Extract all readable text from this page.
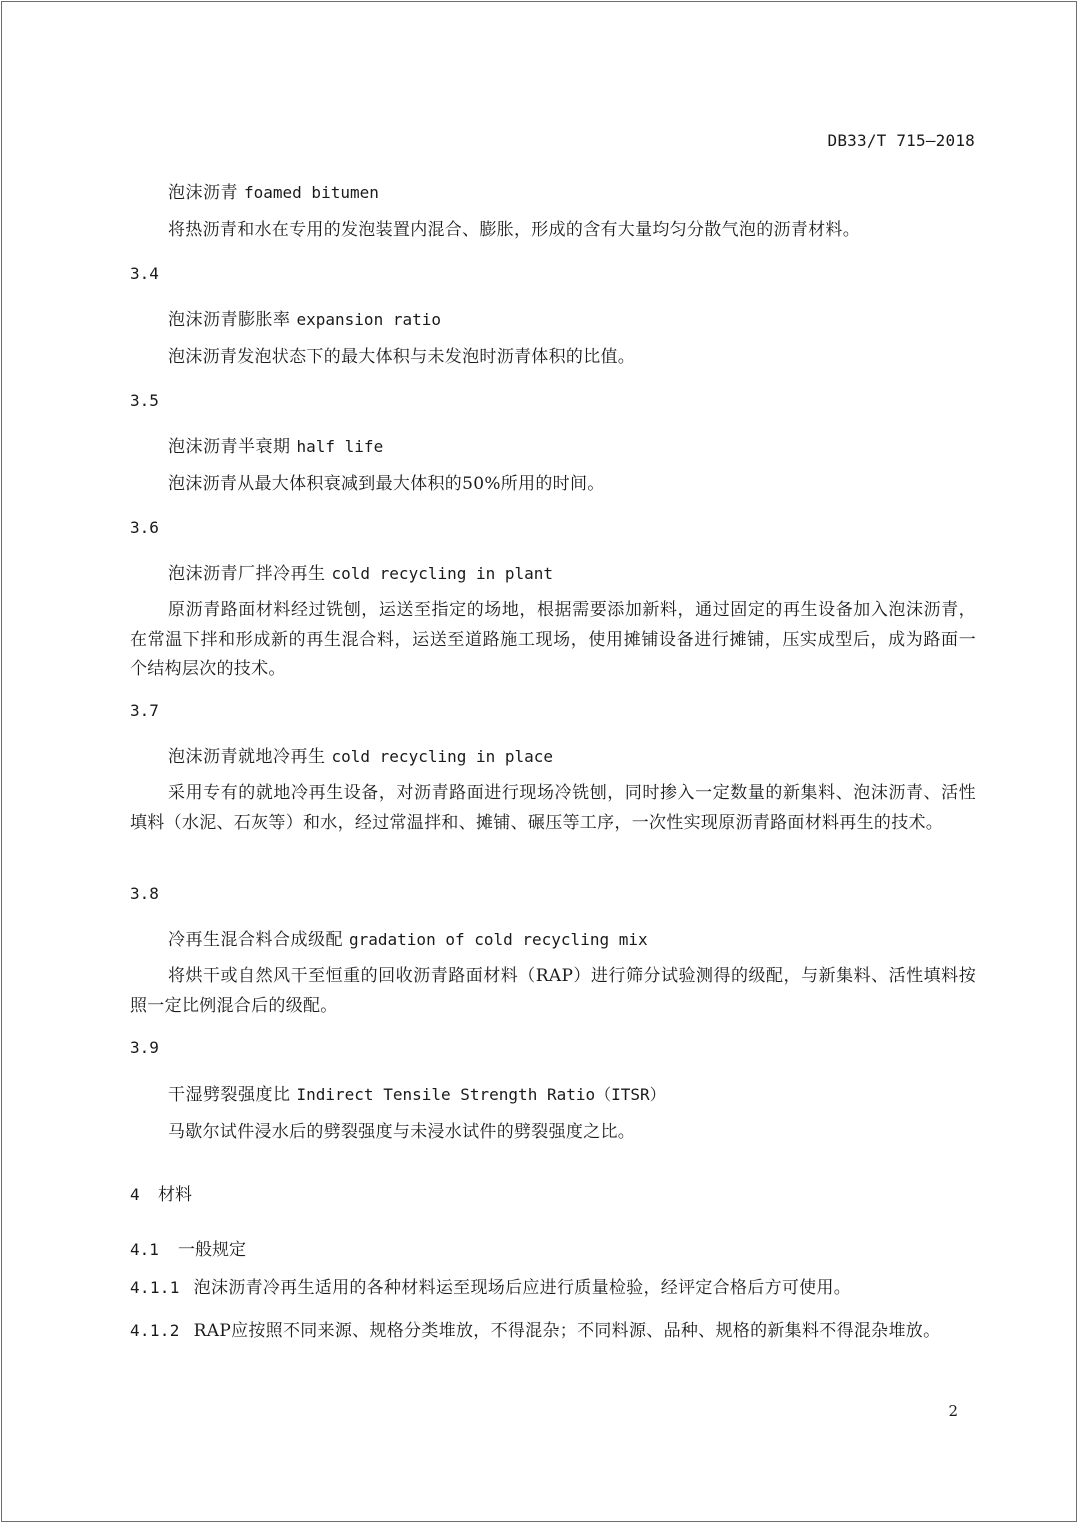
DB33/T 715—2018
泡沫沥青 foamed bitumen
将热沥青和水在专用的发泡装置内混合、膨胀，形成的含有大量均匀分散气泡的沥青材料。
3.4
泡沫沥青膨胀率 expansion ratio
泡沫沥青发泡状态下的最大体积与未发泡时沥青体积的比值。
3.5
泡沫沥青半衰期 half life
泡沫沥青从最大体积衰减到最大体积的50%所用的时间。
3.6
泡沫沥青厂拌冷再生 cold recycling in plant
原沥青路面材料经过铣刨，运送至指定的场地，根据需要添加新料，通过固定的再生设备加入泡沫沥青，在常温下拌和形成新的再生混合料，运送至道路施工现场，使用摊铺设备进行摊铺，压实成型后，成为路面一个结构层次的技术。
3.7
泡沫沥青就地冷再生 cold recycling in place
采用专有的就地冷再生设备，对沥青路面进行现场冷铣刨，同时掺入一定数量的新集料、泡沫沥青、活性填料（水泥、石灰等）和水，经过常温拌和、摊铺、碾压等工序，一次性实现原沥青路面材料再生的技术。
3.8
冷再生混合料合成级配 gradation of cold recycling mix
将烘干或自然风干至恒重的回收沥青路面材料（RAP）进行筛分试验测得的级配，与新集料、活性填料按照一定比例混合后的级配。
3.9
干湿劈裂强度比 Indirect Tensile Strength Ratio（ITSR）
马歇尔试件浸水后的劈裂强度与未浸水试件的劈裂强度之比。
4 材料
4.1 一般规定
4.1.1 泡沫沥青冷再生适用的各种材料运至现场后应进行质量检验，经评定合格后方可使用。
4.1.2 RAP应按照不同来源、规格分类堆放，不得混杂；不同料源、品种、规格的新集料不得混杂堆放。
2
